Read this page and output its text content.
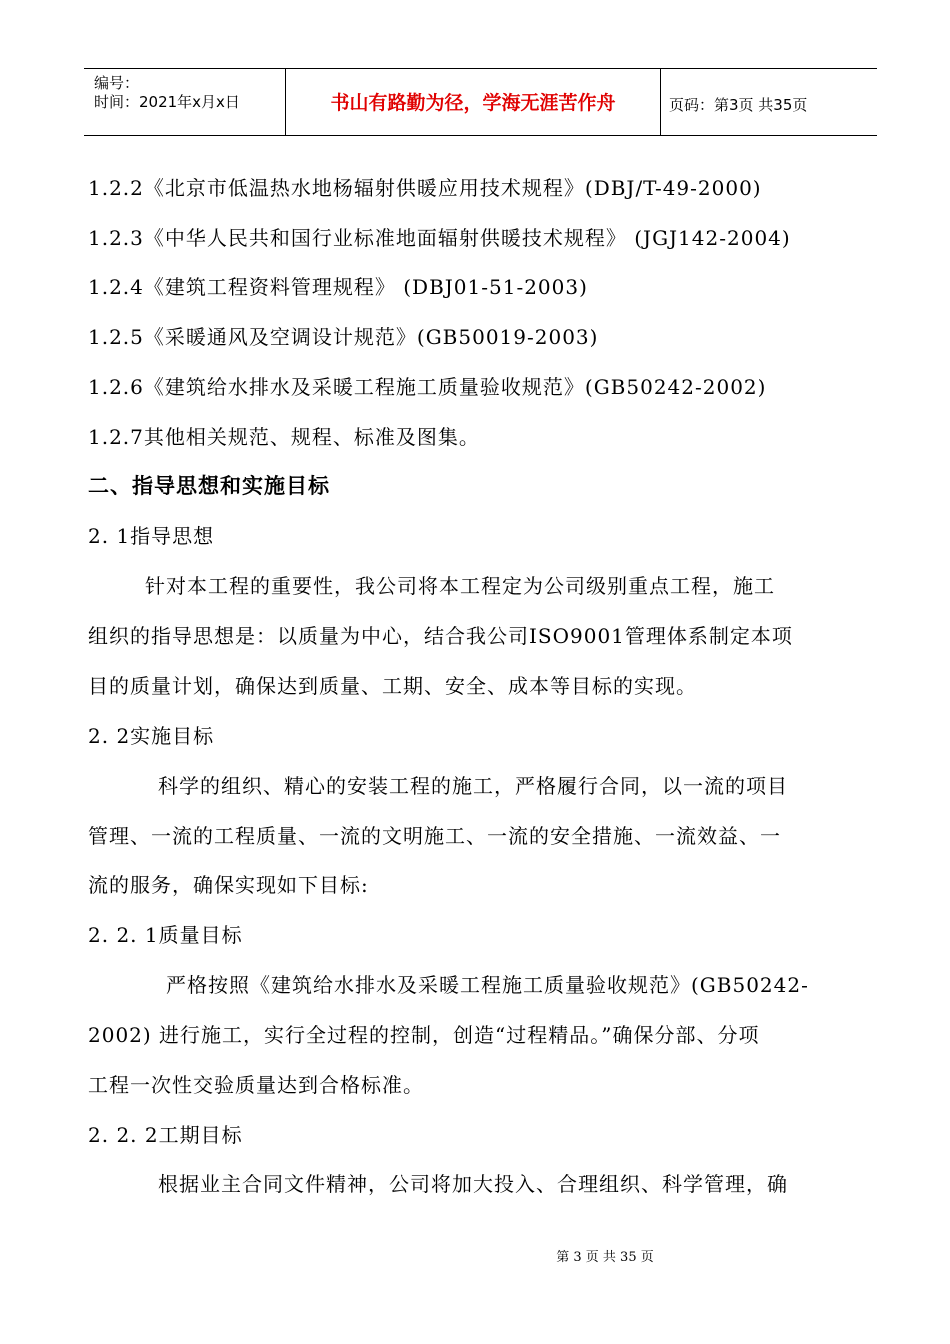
编号：
时间：2021年x月x日	书山有路勤为径，学海无涯苦作舟	页码：第3页 共35页
1.2.2《北京市低温热水地杨辐射供暖应用技术规程》(DBJ/T-49-2000)
1.2.3《中华人民共和国行业标准地面辐射供暖技术规程》 (JGJ142-2004)
1.2.4《建筑工程资料管理规程》 (DBJ01-51-2003)
1.2.5《采暖通风及空调设计规范》(GB50019-2003)
1.2.6《建筑给水排水及采暖工程施工质量验收规范》(GB50242-2002)
1.2.7其他相关规范、规程、标准及图集。
二、指导思想和实施目标
2. 1指导思想
针对本工程的重要性，我公司将本工程定为公司级别重点工程，施工
组织的指导思想是：以质量为中心，结合我公司ISO9001管理体系制定本项
目的质量计划，确保达到质量、工期、安全、成本等目标的实现。
2. 2实施目标
科学的组织、精心的安装工程的施工，严格履行合同，以一流的项目
管理、一流的工程质量、一流的文明施工、一流的安全措施、一流效益、一
流的服务，确保实现如下目标:
2. 2. 1质量目标
严格按照《建筑给水排水及采暖工程施工质量验收规范》(GB50242-
2002) 进行施工，实行全过程的控制，创造“过程精品。”确保分部、分项
工程一次性交验质量达到合格标准。
2. 2. 2工期目标
根据业主合同文件精神，公司将加大投入、合理组织、科学管理，确
第 3 页 共 35 页
